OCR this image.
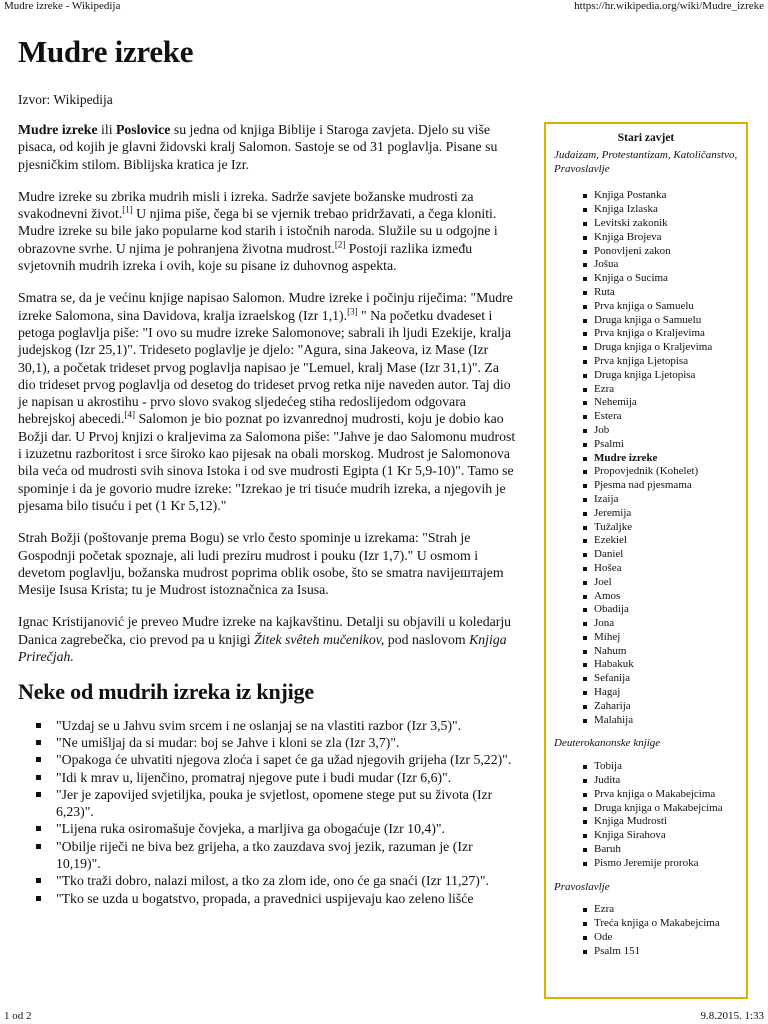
Mudre izreke - Wikipedija	https://hr.wikipedia.org/wiki/Mudre_izreke
Mudre izreke
Izvor: Wikipedija

Mudre izreke ili Poslovice su jedna od knjiga Biblije i Staroga zavjeta. Djelo su više pisaca, od kojih je glavni židovski kralj Salomon. Sastoje se od 31 poglavlja. Pisane su pjesničkim stilom. Biblijska kratica je Izr.

Mudre izreke su zbrika mudrih misli i izreka. Sadrže savjete božanske mudrosti za svakodnevni život.[1] U njima piše, čega bi se vjernik trebao pridržavati, a čega kloniti. Mudre izreke su bile jako popularne kod starih i istočnih naroda. Služile su u odgojne i obrazovne svrhe. U njima je pohranjena životna mudrost.[2] Postoji razlika između svjetovnih mudrih izreka i ovih, koje su pisane iz duhovnog aspekta.

Smatra se, da je većinu knjige napisao Salomon. Mudre izreke i počinju riječima: "Mudre izreke Salomona, sina Davidova, kralja izraelskog (Izr 1,1).[3] " Na početku dvadeset i petoga poglavlja piše: "I ovo su mudre izreke Salomonove; sabrali ih ljudi Ezekije, kralja judejskog (Izr 25,1)". Trideseto poglavlje je djelo: "Agura, sina Jakeova, iz Mase (Izr 30,1), a početak trideset prvog poglavlja napisao je "Lemuel, kralj Mase (Izr 31,1)". Za dio trideset prvog poglavlja od desetog do trideset prvog retka nije naveden autor. Taj dio je napisan u akrostihu - prvo slovo svakog sljedećeg stiha redoslijedom odgovara hebrejskoj abecedi.[4] Salomon je bio poznat po izvanrednoj mudrosti, koju je dobio kao Božji dar. U Prvoj knjizi o kraljevima za Salomona piše: "Jahve je dao Salomonu mudrost i izuzetnu razboritost i srce široko kao pijesak na obali morskog. Mudrost je Salomonova bila veća od mudrosti svih sinova Istoka i od sve mudrosti Egipta (1 Kr 5,9-10)". Tamo se spominje i da je govorio mudre izreke: "Izrekao je tri tisuće mudrih izreka, a njegovih je pjesama bilo tisuću i pet (1 Kr 5,12)."

Strah Božji (poštovanje prema Bogu) se vrlo često spominje u izrekama: "Strah je Gospodnji početak spoznaje, ali ludi preziru mudrost i pouku (Izr 1,7)." U osmom i devetom poglavlju, božanska mudrost poprima oblik osobe, što se smatra navijештajem Mesije Isusa Krista; tu je Mudrost istoznačnica za Isusa.

Ignac Kristijanović je preveo Mudre izreke na kajkavštinu. Detalji su objavili u koledarju Danica zagrebečka, cio prevod pa u knjigi Žitek svêteh mučenikov, pod naslovom Knjiga Prirečjah.

Neke od mudrih izreka iz knjige
"Uzdaj se u Jahvu svim srcem i ne oslanjaj se na vlastiti razbor (Izr 3,5)".
"Ne umišljaj da si mudar: boj se Jahve i kloni se zla (Izr 3,7)".
"Opakoga će uhvatiti njegova zloća i sapet će ga užad njegovih grijeha (Izr 5,22)".
"Idi k mrav u, lijenčino, promatraj njegove pute i budi mudar (Izr 6,6)".
"Jer je zapovijed svjetiljka, pouka je svjetlost, opomene stege put su života (Izr 6,23)".
"Lijena ruka osiromašuje čovjeka, a marljiva ga obogaćuje (Izr 10,4)".
"Obilje riječi ne biva bez grijeha, a tko zauzdava svoj jezik, razuman je (Izr 10,19)".
"Tko traži dobro, nalazi milost, a tko za zlom ide, ono će ga snaći (Izr 11,27)".
"Tko se uzda u bogatstvo, propada, a pravednici uspijevaju kao zeleno lišće
Stari zavjet
Judaizam, Protestantizam, Katoličanstvo, Pravoslavlje
Knjiga Postanka
Knjiga Izlaska
Levitski zakonik
Knjiga Brojeva
Ponovljeni zakon
Jošua
Knjiga o Sucima
Ruta
Prva knjiga o Samuelu
Druga knjiga o Samuelu
Prva knjiga o Kraljevima
Druga knjiga o Kraljevima
Prva knjiga Ljetopisa
Druga knjiga Ljetopisa
Ezra
Nehemija
Estera
Job
Psalmi
Mudre izreke
Propovjednik (Kohelet)
Pjesma nad pjesmama
Izaija
Jeremija
Tužaljke
Ezekiel
Daniel
Hošea
Joel
Amos
Obadija
Jona
Mihej
Nahum
Habakuk
Sefanija
Hagaj
Zaharija
Malahija
Deuterokanonske knjige
Tobija
Judita
Prva knjiga o Makabejcima
Druga knjiga o Makabejcima
Knjiga Mudrosti
Knjiga Sirahova
Baruh
Pismo Jeremije proroka
Pravoslavlje
Ezra
Treća knjiga o Makabejcima
Ode
Psalm 151
1 od 2	9.8.2015. 1:33
